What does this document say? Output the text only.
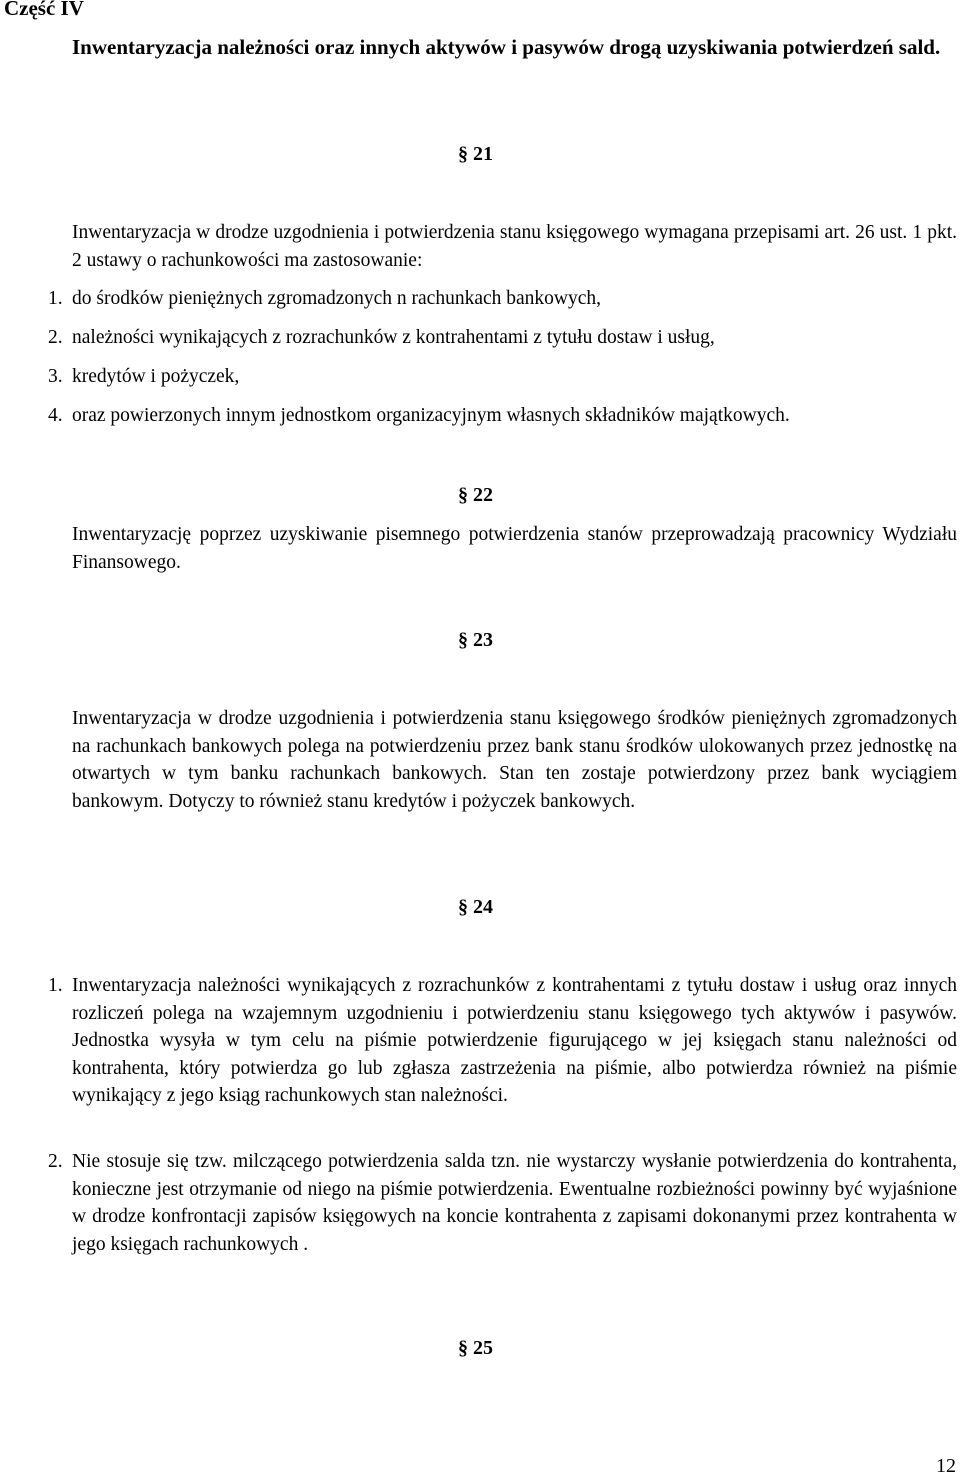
Część IV
Inwentaryzacja należności oraz innych aktywów i pasywów drogą uzyskiwania potwierdzeń sald.
§ 21
Inwentaryzacja w drodze uzgodnienia i potwierdzenia stanu księgowego wymagana przepisami art. 26 ust. 1 pkt. 2 ustawy o rachunkowości ma zastosowanie:
1. do środków pieniężnych zgromadzonych n rachunkach bankowych,
2. należności wynikających z rozrachunków z kontrahentami z tytułu dostaw i usług,
3. kredytów i pożyczek,
4. oraz powierzonych innym jednostkom organizacyjnym własnych składników majątkowych.
§ 22
Inwentaryzację poprzez uzyskiwanie pisemnego potwierdzenia stanów przeprowadzają pracownicy Wydziału Finansowego.
§ 23
Inwentaryzacja w drodze uzgodnienia i potwierdzenia stanu księgowego środków pieniężnych zgromadzonych na rachunkach bankowych polega na potwierdzeniu przez bank stanu środków ulokowanych przez jednostkę na otwartych w tym banku rachunkach bankowych. Stan ten zostaje potwierdzony przez bank wyciągiem bankowym. Dotyczy to również stanu kredytów i pożyczek bankowych.
§ 24
1. Inwentaryzacja należności wynikających z rozrachunków z kontrahentami z tytułu dostaw i usług oraz innych rozliczeń polega na wzajemnym uzgodnieniu i potwierdzeniu stanu księgowego tych aktywów i pasywów. Jednostka wysyła w tym celu na piśmie potwierdzenie figurującego w jej księgach stanu należności od kontrahenta, który potwierdza go lub zgłasza zastrzeżenia na piśmie, albo potwierdza również na piśmie wynikający z jego ksiąg rachunkowych stan należności.
2. Nie stosuje się tzw. milczącego potwierdzenia salda tzn. nie wystarczy wysłanie potwierdzenia do kontrahenta, konieczne jest otrzymanie od niego na piśmie potwierdzenia. Ewentualne rozbieżności powinny być wyjaśnione w drodze konfrontacji zapisów księgowych na koncie kontrahenta z zapisami dokonanymi przez kontrahenta w jego księgach rachunkowych .
§ 25
12
